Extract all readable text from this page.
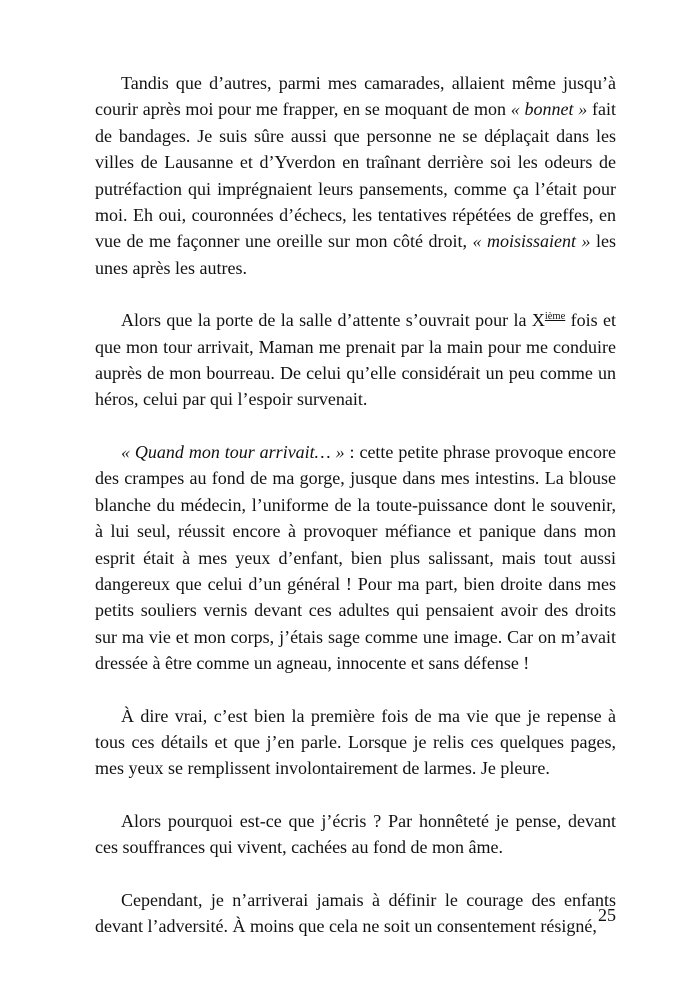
Tandis que d’autres, parmi mes camarades, allaient même jusqu’à courir après moi pour me frapper, en se moquant de mon « bonnet » fait de bandages. Je suis sûre aussi que personne ne se déplaçait dans les villes de Lausanne et d’Yverdon en traînant derrière soi les odeurs de putréfaction qui imprégnaient leurs pansements, comme ça l’était pour moi. Eh oui, couronnées d’échecs, les tentatives répétées de greffes, en vue de me façonner une oreille sur mon côté droit, « moisissaient » les unes après les autres.

Alors que la porte de la salle d’attente s’ouvrait pour la Xième fois et que mon tour arrivait, Maman me prenait par la main pour me conduire auprès de mon bourreau. De celui qu’elle considérait un peu comme un héros, celui par qui l’espoir survenait.

« Quand mon tour arrivait… » : cette petite phrase provoque encore des crampes au fond de ma gorge, jusque dans mes intestins. La blouse blanche du médecin, l’uniforme de la toute-puissance dont le souvenir, à lui seul, réussit encore à provoquer méfiance et panique dans mon esprit était à mes yeux d’enfant, bien plus salissant, mais tout aussi dangereux que celui d’un général ! Pour ma part, bien droite dans mes petits souliers vernis devant ces adultes qui pensaient avoir des droits sur ma vie et mon corps, j’étais sage comme une image. Car on m’avait dressée à être comme un agneau, innocente et sans défense !

À dire vrai, c’est bien la première fois de ma vie que je repense à tous ces détails et que j’en parle. Lorsque je relis ces quelques pages, mes yeux se remplissent involontairement de larmes. Je pleure.

Alors pourquoi est-ce que j’écris ? Par honnêteté je pense, devant ces souffrances qui vivent, cachées au fond de mon âme.

Cependant, je n’arriverai jamais à définir le courage des enfants devant l’adversité. À moins que cela ne soit un consentement résigné,

25
